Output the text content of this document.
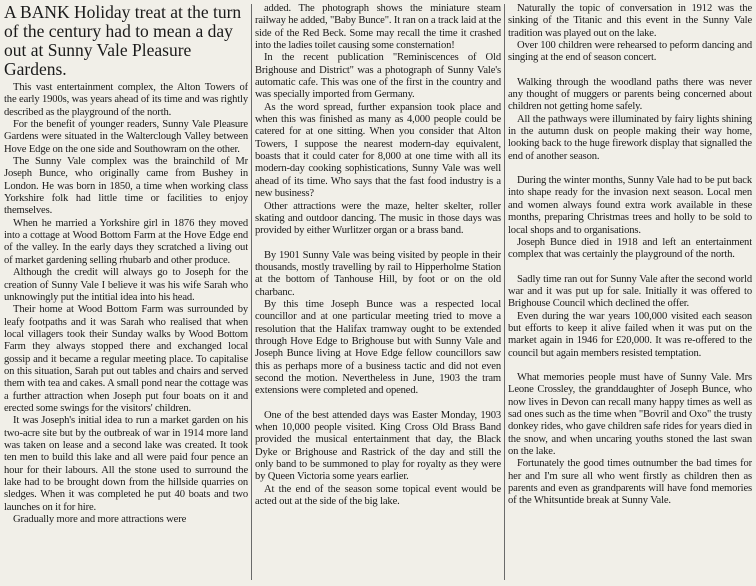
A BANK Holiday treat at the turn of the century had to mean a day out at Sunny Vale Pleasure Gardens.

This vast entertainment complex, the Alton Towers of the early 1900s, was years ahead of its time and was rightly described as the playground of the north.

For the benefit of younger readers, Sunny Vale Pleasure Gardens were situated in the Walterclough Valley between Hove Edge on the one side and Southowram on the other.

The Sunny Vale complex was the brainchild of Mr Joseph Bunce, who originally came from Bushey in London. He was born in 1850, a time when working class Yorkshire folk had little time or facilities to enjoy themselves.

When he married a Yorkshire girl in 1876 they moved into a cottage at Wood Bottom Farm at the Hove Edge end of the valley. In the early days they scratched a living out of market gardening selling rhubarb and other produce.

Although the credit will always go to Joseph for the creation of Sunny Vale I believe it was his wife Sarah who unknowingly put the intitial idea into his head.

Their home at Wood Bottom Farm was surrounded by leafy footpaths and it was Sarah who realised that when local villagers took their Sunday walks by Wood Bottom Farm they always stopped there and exchanged local gossip and it became a regular meeting place. To capitalise on this situation, Sarah put out tables and chairs and served them with tea and cakes. A small pond near the cottage was a further attraction when Joseph put four boats on it and erected some swings for the visitors' children.

It was Joseph's initial idea to run a market garden on his two-acre site but by the outbreak of war in 1914 more land was taken on lease and a second lake was created. It took ten men to build this lake and all were paid four pence an hour for their labours. All the stone used to surround the lake had to be brought down from the hillside quarries on sledges. When it was completed he put 40 boats and two launches on it for hire.

Gradually more and more attractions were

added. The photograph shows the miniature steam railway he added, "Baby Bunce". It ran on a track laid at the side of the Red Beck. Some may recall the time it crashed into the ladies toilet causing some consternation!

In the recent publication "Reminiscences of Old Brighouse and District" was a photograph of Sunny Vale's automatic cafe. This was one of the first in the country and was specially imported from Germany.

As the word spread, further expansion took place and when this was finished as many as 4,000 people could be catered for at one sitting. When you consider that Alton Towers, I suppose the nearest modern-day equivalent, boasts that it could cater for 8,000 at one time with all its modern-day cooking sophistications, Sunny Vale was well ahead of its time. Who says that the fast food industry is a new business?

Other attractions were the maze, helter skelter, roller skating and outdoor dancing. The music in those days was provided by either Wurlitzer organ or a brass band.

By 1901 Sunny Vale was being visited by people in their thousands, mostly travelling by rail to Hipperholme Station at the bottom of Tanhouse Hill, by foot or on the old charbanc.

By this time Joseph Bunce was a respected local councillor and at one particular meeting tried to move a resolution that the Halifax tramway ought to be extended through Hove Edge to Brighouse but with Sunny Vale and Joseph Bunce living at Hove Edge fellow councillors saw this as perhaps more of a business tactic and did not even second the motion. Nevertheless in June, 1903 the tram extensions were completed and opened.

One of the best attended days was Easter Monday, 1903 when 10,000 people visited. King Cross Old Brass Band provided the musical entertainment that day, the Black Dyke or Brighouse and Rastrick of the day and still the only band to be summoned to play for royalty as they were by Queen Victoria some years earlier.

At the end of the season some topical event would be acted out at the side of the big lake.

Naturally the topic of conversation in 1912 was the sinking of the Titanic and this event in the Sunny Vale tradition was played out on the lake.

Over 100 children were rehearsed to peform dancing and singing at the end of season concert.

Walking through the woodland paths there was never any thought of muggers or parents being concerned about children not getting home safely.

All the pathways were illuminated by fairy lights shining in the autumn dusk on people making their way home, looking back to the huge firework display that signalled the end of another season.

During the winter months, Sunny Vale had to be put back into shape ready for the invasion next season. Local men and women always found extra work available in these months, preparing Christmas trees and holly to be sold to local shops and to organisations.

Joseph Bunce died in 1918 and left an entertainment complex that was certainly the playground of the north.

Sadly time ran out for Sunny Vale after the second world war and it was put up for sale. Initially it was offered to Brighouse Council which declined the offer.

Even during the war years 100,000 visited each season but efforts to keep it alive failed when it was put on the market again in 1946 for £20,000. It was re-offered to the council but again members resisted temptation.

What memories people must have of Sunny Vale. Mrs Leone Crossley, the granddaughter of Joseph Bunce, who now lives in Devon can recall many happy times as well as sad ones such as the time when "Bovril and Oxo" the trusty donkey rides, who gave children safe rides for years died in the snow, and when uncaring youths stoned the last swan on the lake.

Fortunately the good times outnumber the bad times for her and I'm sure all who went firstly as children then as parents and even as grandparents will have fond memories of the Whitsuntide break at Sunny Vale.
